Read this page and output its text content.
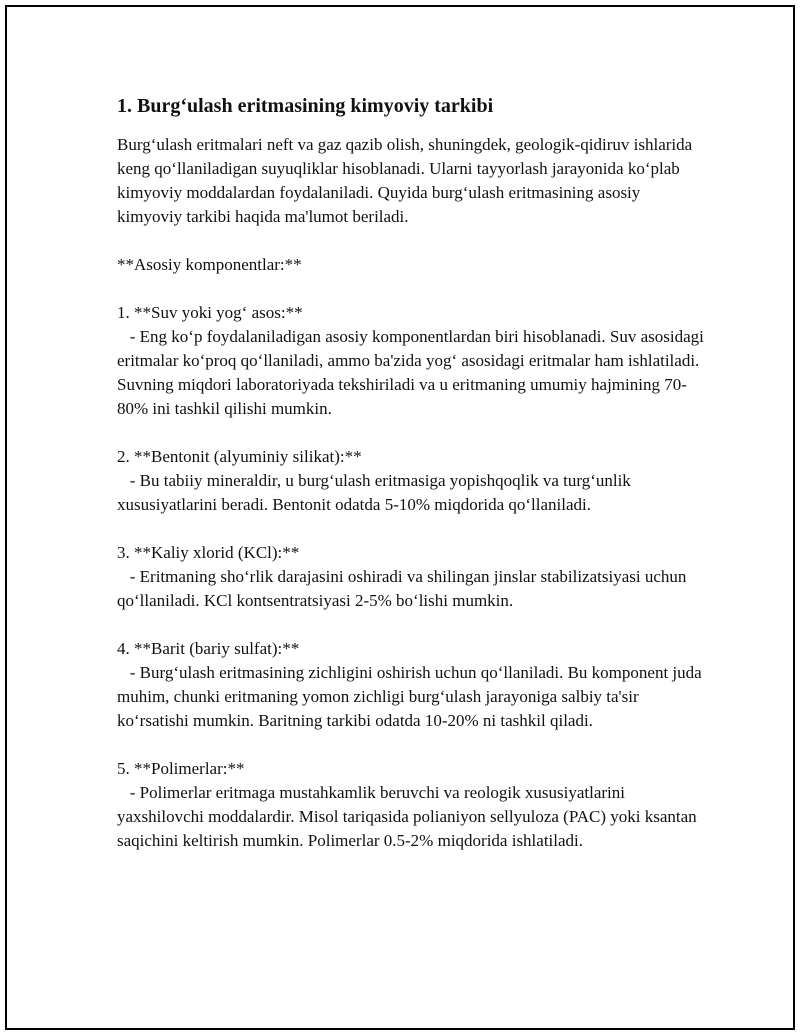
1. Burg‘ulash eritmasining kimyoviy tarkibi

Burg‘ulash eritmalari neft va gaz qazib olish, shuningdek, geologik-qidiruv ishlarida keng qo‘llaniladigan suyuqliklar hisoblanadi. Ularni tayyorlash jarayonida ko‘plab kimyoviy moddalardan foydalaniladi. Quyida burg‘ulash eritmasining asosiy kimyoviy tarkibi haqida ma'lumot beriladi.

**Asosiy komponentlar:**

1. **Suv yoki yog‘ asos:**

- Eng ko‘p foydalaniladigan asosiy komponentlardan biri hisoblanadi. Suv asosidagi eritmalar ko‘proq qo‘llaniladi, ammo ba'zida yog‘ asosidagi eritmalar ham ishlatiladi. Suvning miqdori laboratoriyada tekshiriladi va u eritmaning umumiy hajmining 70-80% ini tashkil qilishi mumkin.

2. **Bentonit (alyuminiy silikat):**

- Bu tabiiy mineraldir, u burg‘ulash eritmasiga yopishqoqlik va turg‘unlik xususiyatlarini beradi. Bentonit odatda 5-10% miqdorida qo‘llaniladi.

3. **Kaliy xlorid (KCl):**

- Eritmaning sho‘rlik darajasini oshiradi va shilingan jinslar stabilizatsiyasi uchun qo‘llaniladi. KCl kontsentratsiyasi 2-5% bo‘lishi mumkin.

4. **Barit (bariy sulfat):**

- Burg‘ulash eritmasining zichligini oshirish uchun qo‘llaniladi. Bu komponent juda muhim, chunki eritmaning yomon zichligi burg‘ulash jarayoniga salbiy ta'sir ko‘rsatishi mumkin. Baritning tarkibi odatda 10-20% ni tashkil qiladi.

5. **Polimerlar:**

- Polimerlar eritmaga mustahkamlik beruvchi va reologik xususiyatlarini yaxshilovchi moddalardir. Misol tariqasida polianiyon sellyuloza (PAC) yoki ksantan saqichini keltirish mumkin. Polimerlar 0.5-2% miqdorida ishlatiladi.
